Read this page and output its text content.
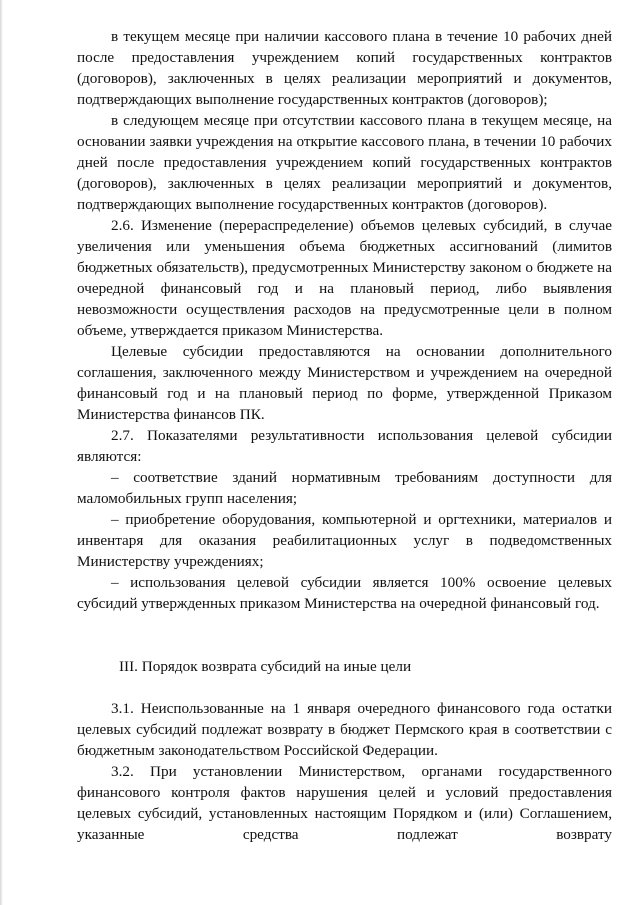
в текущем месяце при наличии кассового плана в течение 10 рабочих дней после предоставления учреждением копий государственных контрактов (договоров), заключенных в целях реализации мероприятий и документов, подтверждающих выполнение государственных контрактов (договоров);

в следующем месяце при отсутствии кассового плана в текущем месяце, на основании заявки учреждения на открытие кассового плана, в течении 10 рабочих дней после предоставления учреждением копий государственных контрактов (договоров), заключенных в целях реализации мероприятий и документов, подтверждающих выполнение государственных контрактов (договоров).

2.6. Изменение (перераспределение) объемов целевых субсидий, в случае увеличения или уменьшения объема бюджетных ассигнований (лимитов бюджетных обязательств), предусмотренных Министерству законом о бюджете на очередной финансовый год и на плановый период, либо выявления невозможности осуществления расходов на предусмотренные цели в полном объеме, утверждается приказом Министерства.

Целевые субсидии предоставляются на основании дополнительного соглашения, заключенного между Министерством и учреждением на очередной финансовый год и на плановый период по форме, утвержденной Приказом Министерства финансов ПК.

2.7. Показателями результативности использования целевой субсидии являются:

– соответствие зданий нормативным требованиям доступности для маломобильных групп населения;

– приобретение оборудования, компьютерной и оргтехники, материалов и инвентаря для оказания реабилитационных услуг в подведомственных Министерству учреждениях;

– использования целевой субсидии является 100% освоение целевых субсидий утвержденных приказом Министерства на очередной финансовый год.

III. Порядок возврата субсидий на иные цели

3.1. Неиспользованные на 1 января очередного финансового года остатки целевых субсидий подлежат возврату в бюджет Пермского края в соответствии с бюджетным законодательством Российской Федерации.

3.2. При установлении Министерством, органами государственного финансового контроля фактов нарушения целей и условий предоставления целевых субсидий, установленных настоящим Порядком и (или) Соглашением, указанные средства подлежат возврату
